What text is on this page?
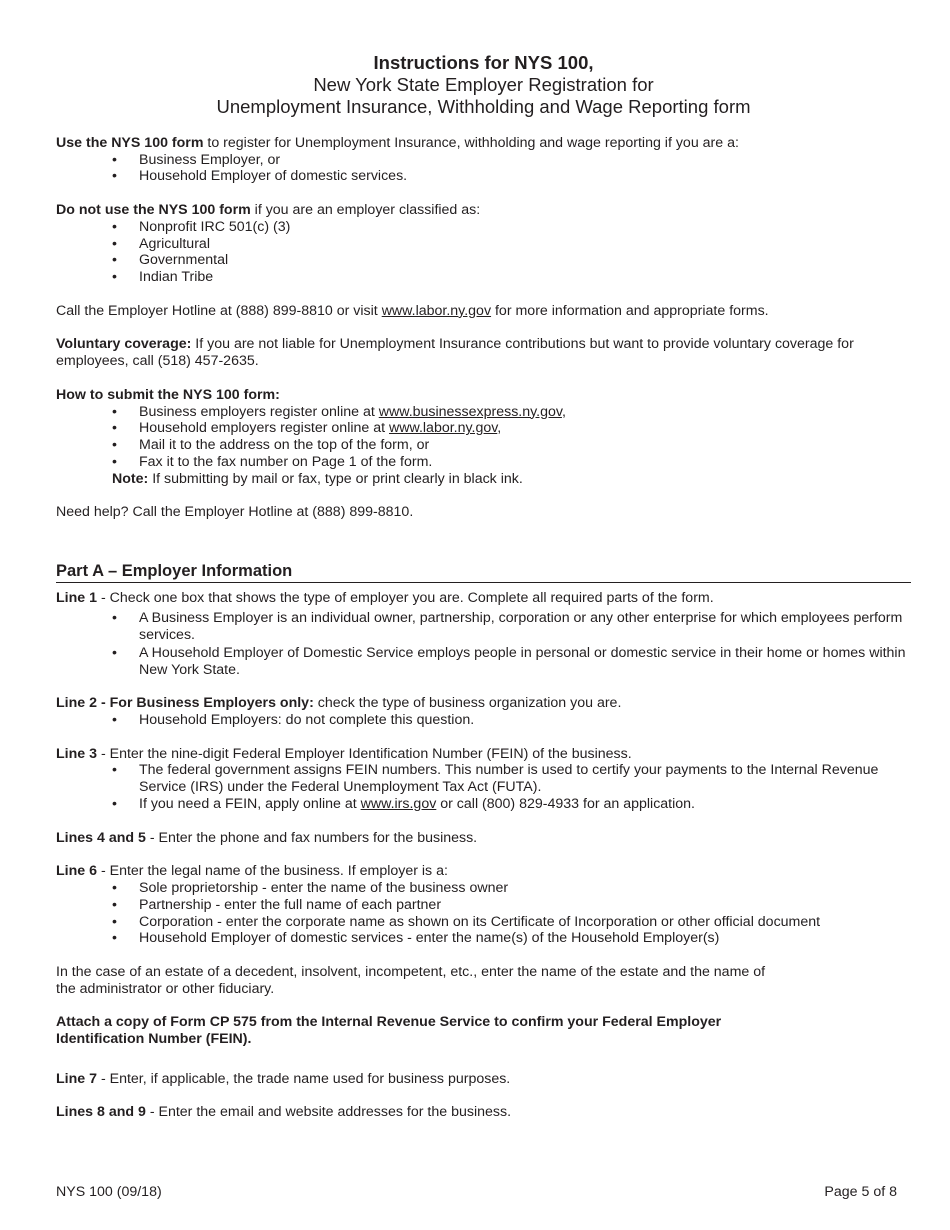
Instructions for NYS 100,
New York State Employer Registration for
Unemployment Insurance, Withholding and Wage Reporting form

Use the NYS 100 form to register for Unemployment Insurance, withholding and wage reporting if you are a:

• Business Employer, or
• Household Employer of domestic services.

Do not use the NYS 100 form if you are an employer classified as:

• Nonprofit IRC 501(c) (3)
• Agricultural
• Governmental
• Indian Tribe

Call the Employer Hotline at (888) 899-8810 or visit www.labor.ny.gov for more information and appropriate forms.

Voluntary coverage: If you are not liable for Unemployment Insurance contributions but want to provide voluntary coverage for employees, call (518) 457-2635.

How to submit the NYS 100 form:

• Business employers register online at www.businessexpress.ny.gov,
• Household employers register online at www.labor.ny.gov,
• Mail it to the address on the top of the form, or
• Fax it to the fax number on Page 1 of the form.

Note: If submitting by mail or fax, type or print clearly in black ink.

Need help? Call the Employer Hotline at (888) 899-8810.

Part A – Employer Information

Line 1 - Check one box that shows the type of employer you are. Complete all required parts of the form.

• A Business Employer is an individual owner, partnership, corporation or any other enterprise for which employees perform services.
• A Household Employer of Domestic Service employs people in personal or domestic service in their home or homes within New York State.

Line 2 - For Business Employers only: check the type of business organization you are.

• Household Employers: do not complete this question.

Line 3 - Enter the nine-digit Federal Employer Identification Number (FEIN) of the business.

• The federal government assigns FEIN numbers. This number is used to certify your payments to the Internal Revenue Service (IRS) under the Federal Unemployment Tax Act (FUTA).
• If you need a FEIN, apply online at www.irs.gov or call (800) 829-4933 for an application.

Lines 4 and 5 - Enter the phone and fax numbers for the business.

Line 6 - Enter the legal name of the business. If employer is a:

• Sole proprietorship - enter the name of the business owner
• Partnership - enter the full name of each partner
• Corporation - enter the corporate name as shown on its Certificate of Incorporation or other official document
• Household Employer of domestic services - enter the name(s) of the Household Employer(s)

In the case of an estate of a decedent, insolvent, incompetent, etc., enter the name of the estate and the name of the administrator or other fiduciary.

Attach a copy of Form CP 575 from the Internal Revenue Service to confirm your Federal Employer Identification Number (FEIN).

Line 7 - Enter, if applicable, the trade name used for business purposes.

Lines 8 and 9 - Enter the email and website addresses for the business.

NYS 100 (09/18)	Page 5 of 8
